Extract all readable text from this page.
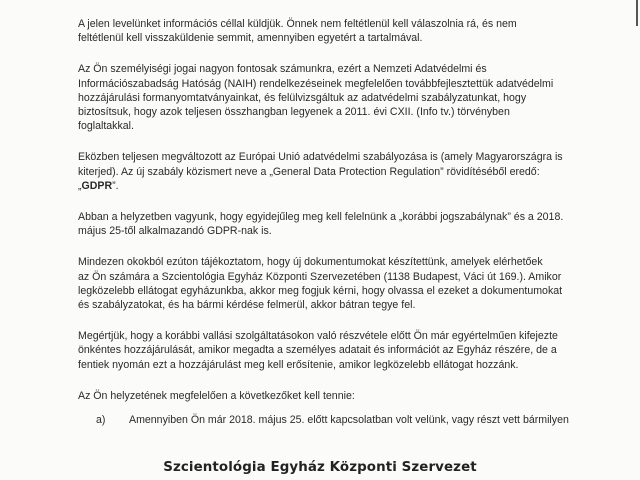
A jelen levelünket információs céllal küldjük. Önnek nem feltétlenül kell válaszolnia rá, és nem
feltétlenül kell visszaküldenie semmit, amennyiben egyetért a tartalmával.

Az Ön személyiségi jogai nagyon fontosak számunkra, ezért a Nemzeti Adatvédelmi és
Információszabadság Hatóság (NAIH) rendelkezéseinek megfelelően továbbfejlesztettük adatvédelmi
hozzájárulási formanyomtatványainkat, és felülvizsgáltuk az adatvédelmi szabályzatunkat, hogy
biztosítsuk, hogy azok teljesen összhangban legyenek a 2011. évi CXII. (Info tv.) törvényben
foglaltakkal.

Eközben teljesen megváltozott az Európai Unió adatvédelmi szabályozása is (amely Magyarországra is
kiterjed). Az új szabály közismert neve a „General Data Protection Regulation” rövidítéséből eredő:
„GDPR”.

Abban a helyzetben vagyunk, hogy egyidejűleg meg kell felelnünk a „korábbi jogszabálynak” és a 2018.
május 25-től alkalmazandó GDPR-nak is.

Mindezen okokból ezúton tájékoztatom, hogy új dokumentumokat készítettünk, amelyek elérhetőek
az Ön számára a Szcientológia Egyház Központi Szervezetében (1138 Budapest, Váci út 169.). Amikor
legközelebb ellátogat egyházunkba, akkor meg fogjuk kérni, hogy olvassa el ezeket a dokumentumokat
és szabályzatokat, és ha bármi kérdése felmerül, akkor bátran tegye fel.

Megértjük, hogy a korábbi vallási szolgáltatásokon való részvétele előtt Ön már egyértelműen kifejezte
önkéntes hozzájárulását, amikor megadta a személyes adatait és információt az Egyház részére, de a
fentiek nyomán ezt a hozzájárulást meg kell erősítenie, amikor legközelebb ellátogat hozzánk.

Az Ön helyzetének megfelelően a következőket kell tennie:

a) Amennyiben Ön már 2018. május 25. előtt kapcsolatban volt velünk, vagy részt vett bármilyen
Szcientológia Egyház Központi Szervezet
